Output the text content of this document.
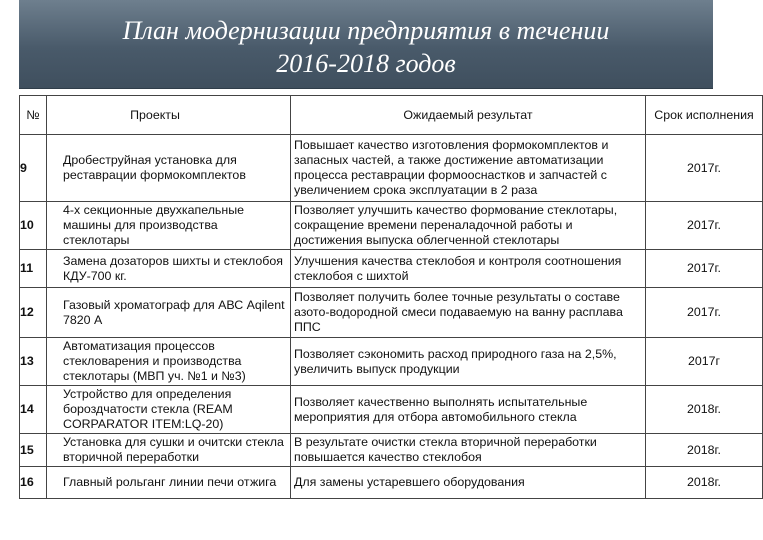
План модернизации предприятия в течении
2016-2018 годов
№	Проекты	Ожидаемый результат	Срок исполнения
9	Дробеструйная установка для реставрации формокомплектов	Повышает качество изготовления формокомплектов и запасных частей, а также достижение автоматизации процесса реставрации формооснастков и запчастей с увеличением срока эксплуатации в 2 раза	2017г.
10	4-х секционные двухкапельные машины для производства стеклотары	Позволяет улучшить качество формование стеклотары, сокращение времени переналадочной работы и достижения выпуска облегченной стеклотары	2017г.
11	Замена дозаторов шихты и стеклобоя КДУ-700 кг.	Улучшения качества стеклобоя и контроля соотношения стеклобоя с шихтой	2017г.
12	Газовый хроматограф для АВС Aqilent 7820 А	Позволяет получить более точные результаты о составе азото-водородной смеси подаваемую на ванну расплава ППС	2017г.
13	Автоматизация процессов стекловарения и производства стеклотары (МВП уч. №1 и №3)	Позволяет сэкономить расход природного газа на 2,5%, увеличить выпуск продукции	2017г
14	Устройство для определения бороздчатости стекла (REAM CORPARATOR ITEM:LQ-20)	Позволяет качественно выполнять испытательные мероприятия для отбора автомобильного стекла	2018г.
15	Установка для сушки и очитски стекла вторичной переработки	В результате очистки стекла вторичной переработки повышается качество стеклобоя	2018г.
16	Главный рольганг линии печи отжига	Для замены устаревшего оборудования	2018г.
